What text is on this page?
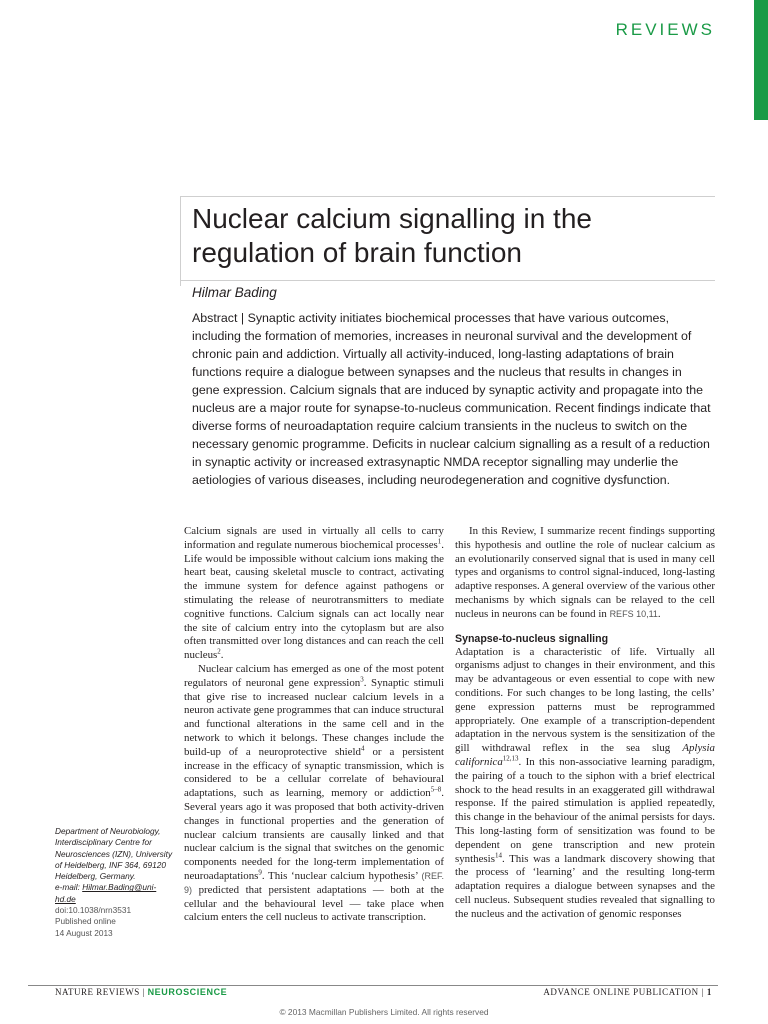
REVIEWS
Nuclear calcium signalling in the regulation of brain function
Hilmar Bading
Abstract | Synaptic activity initiates biochemical processes that have various outcomes, including the formation of memories, increases in neuronal survival and the development of chronic pain and addiction. Virtually all activity-induced, long-lasting adaptations of brain functions require a dialogue between synapses and the nucleus that results in changes in gene expression. Calcium signals that are induced by synaptic activity and propagate into the nucleus are a major route for synapse-to-nucleus communication. Recent findings indicate that diverse forms of neuroadaptation require calcium transients in the nucleus to switch on the necessary genomic programme. Deficits in nuclear calcium signalling as a result of a reduction in synaptic activity or increased extrasynaptic NMDA receptor signalling may underlie the aetiologies of various diseases, including neurodegeneration and cognitive dysfunction.

Calcium signals are used in virtually all cells to carry information and regulate numerous biochemical processes$^1$. Life would be impossible without calcium ions making the heart beat, causing skeletal muscle to contract, activating the immune system for defence against pathogens or stimulating the release of neurotransmitters to mediate cognitive functions. Calcium signals can act locally near the site of calcium entry into the cytoplasm but are also often transmitted over long distances and can reach the cell nucleus$^2$.

Nuclear calcium has emerged as one of the most potent regulators of neuronal gene expression$^3$. Synaptic stimuli that give rise to increased nuclear calcium levels in a neuron activate gene programmes that can induce structural and functional alterations in the same cell and in the network to which it belongs. These changes include the build-up of a neuroprotective shield$^4$ or a persistent increase in the efficacy of synaptic transmission, which is considered to be a cellular correlate of behavioural adaptations, such as learning, memory or addiction$^{5-8}$. Several years ago it was proposed that both activity-driven changes in functional properties and the generation of nuclear calcium transients are causally linked and that nuclear calcium is the signal that switches on the genomic components needed for the long-term implementation of neuroadaptations$^9$. This ‘nuclear calcium hypothesis’ (REF. 9) predicted that persistent adaptations — both at the cellular and the behavioural level — take place when calcium enters the cell nucleus to activate transcription.

In this Review, I summarize recent findings supporting this hypothesis and outline the role of nuclear calcium as an evolutionarily conserved signal that is used in many cell types and organisms to control signal-induced, long-lasting adaptive responses. A general overview of the various other mechanisms by which signals can be relayed to the cell nucleus in neurons can be found in REFS 10,11.

Synapse-to-nucleus signalling

Adaptation is a characteristic of life. Virtually all organisms adjust to changes in their environment, and this may be advantageous or even essential to cope with new conditions. For such changes to be long lasting, the cells’ gene expression patterns must be reprogrammed appropriately. One example of a transcription-dependent adaptation in the nervous system is the sensitization of the gill withdrawal reflex in the sea slug Aplysia californica$^{12,13}$. In this non-associative learning paradigm, the pairing of a touch to the siphon with a brief electrical shock to the head results in an exaggerated gill withdrawal response. If the paired stimulation is applied repeatedly, this change in the behaviour of the animal persists for days. This long-lasting form of sensitization was found to be dependent on gene transcription and new protein synthesis$^{14}$. This was a landmark discovery showing that the process of ‘learning’ and the resulting long-term adaptation requires a dialogue between synapses and the cell nucleus. Subsequent studies revealed that signalling to the nucleus and the activation of genomic responses

Department of Neurobiology, Interdisciplinary Centre for Neurosciences (IZN), University of Heidelberg, INF 364, 69120 Heidelberg, Germany.
e-mail: Hilmar.Bading@uni-hd.de
doi:10.1038/nrn3531
Published online
14 August 2013
NATURE REVIEWS | NEUROSCIENCE	ADVANCE ONLINE PUBLICATION | 1
© 2013 Macmillan Publishers Limited. All rights reserved
